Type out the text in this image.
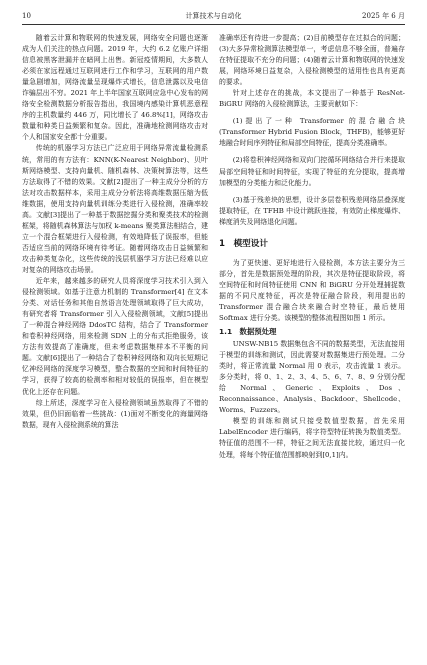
10	计算技术与自动化	2025 年 6 月

随着云计算和物联网的快速发展，网络安全问题也逐渐成为人们关注的热点问题。2019 年，大约 6.2 亿账户详细信息被黑客泄漏并在暗网上出售。新冠疫情期间，大多数人必须在家远程通过互联网进行工作和学习，互联网的用户数量急剧增加，网络流量呈现爆炸式增长，信息泄露以及电信诈骗层出不穷。2021 年上半年国家互联网应急中心发布的网络安全检测数据分析报告指出，我国境内感染计算机恶意程序的主机数量约 446 万，同比增长了 46.8%[1]，网络攻击数量和种类日益频繁和复杂。因此，准确地检测网络攻击对个人和国家安全都十分重要。

传统的机器学习方法已广泛应用于网络异常流量检测系统，常用的有方法有：KNN(K-Nearest Neighbor)、贝叶斯网络模型、支持向量机、随机森林、决策树算法等，这些方法取得了不错的效果。文献[2]提出了一种主成分分析的方法对攻击数据样本，采用主成分分析法将高维数据压缩为低维数据，使用支持向量机训练分类进行入侵检测，准确率较高。文献[3]提出了一种基于数据挖掘分类和聚类技术的检测框架，将随机森林算法与加权 k-means 聚类算法相结合，建立一个混合框架进行入侵检测，有效地降低了误报率，但能否适应当前的网络环境有待考证。随着网络攻击日益频繁和攻击种类复杂化，这些传统的浅层机器学习方法已经难以应对复杂的网络攻击场景。

近年来，越来越多的研究人员将深度学习技术引入到入侵检测领域。如基于注意力机制的 Transformer[4] 在文本分类、对话任务和其他自然语言处理领域取得了巨大成功，有研究者将 Transformer 引入入侵检测领域，文献[5]提出了一种混合神经网络 DdosTC 结构，结合了 Transformer 和卷积神经网络，用来检测 SDN 上的分布式拒绝服务，该方法有效提高了准确度，但未考虑数据集样本不平衡的问题。文献[6]提出了一种结合了卷积神经网络和双向长短期记忆神经网络的深度学习模型，整合数据的空间和时间特征的学习，获得了较高的检测率和相对较低的误报率，但在模型优化上还存在问题。

综上所述，深度学习在入侵检测领域虽然取得了不错的效果，但仍旧面临着一些挑战：(1)面对不断变化的海量网络数据，现有入侵检测系统的算法

准确率还有待进一步提高；(2)目前模型存在过拟合的问题；(3)大多异常检测算法模型单一，考虑信息不够全面，普遍存在特征提取不充分的问题；(4)随着云计算和物联网的快速发展，网络环境日益复杂，入侵检测模型的适用性也具有更高的要求。

针对上述存在的挑战，本文提出了一种基于 ResNet-BiGRU 网络的入侵检测算法，主要贡献如下：

(1)提出了一种 Transformer 的混合融合块(Transformer Hybrid Fusion Block，THFB)，能够更好地融合时间序列特征和局部空间特征，提高分类准确率。

(2)将卷积神经网络和双向门控循环网络结合并行来提取局部空间特征和时间特征，实现了特征的充分提取，提高增加模型的分类能力和泛化能力。

(3)基于残差块的思想，设计多层卷积残差网络层叠深度提取特征，在 TFHB 中设计跳跃连接，有效防止梯度爆炸、梯度消失及网络退化问题。

1　模型设计

为了更快速、更好地进行入侵检测，本方法主要分为三部分，首先是数据预处理的阶段，其次是特征提取阶段，将空间特征和时间特征使用 CNN 和 BiGRU 分开处理捕捉数据的不同尺度特征，再次是特征融合阶段，利用提出的 Transformer 混合融合块来融合时空特征，最后使用 Softmax 进行分类。该模型的整体流程图如图 1 所示。

1.1　数据预处理

UNSW-NB15 数据集包含不同的数据类型，无法直接用于模型的训练和测试，因此需要对数据集进行预处理。二分类时，将正常流量 Normal 用 0 表示，攻击流量 1 表示。多分类时，将 0、1、2、3、4、5、6、7、8、9 分别分配给 Normal、Generic、Exploits、Dos、Reconnaissance、Analysis、Backdoor、Shellcode、Worms、Fuzzers。

模型的训练和测试只接受数值型数据，首先采用 LabelEncoder 进行编码，将字符型特征转换为数值类型。特征值的范围不一样，特征之间无法直接比较，通过归一化处理，将每个特征值范围都映射到[0,1]内。
